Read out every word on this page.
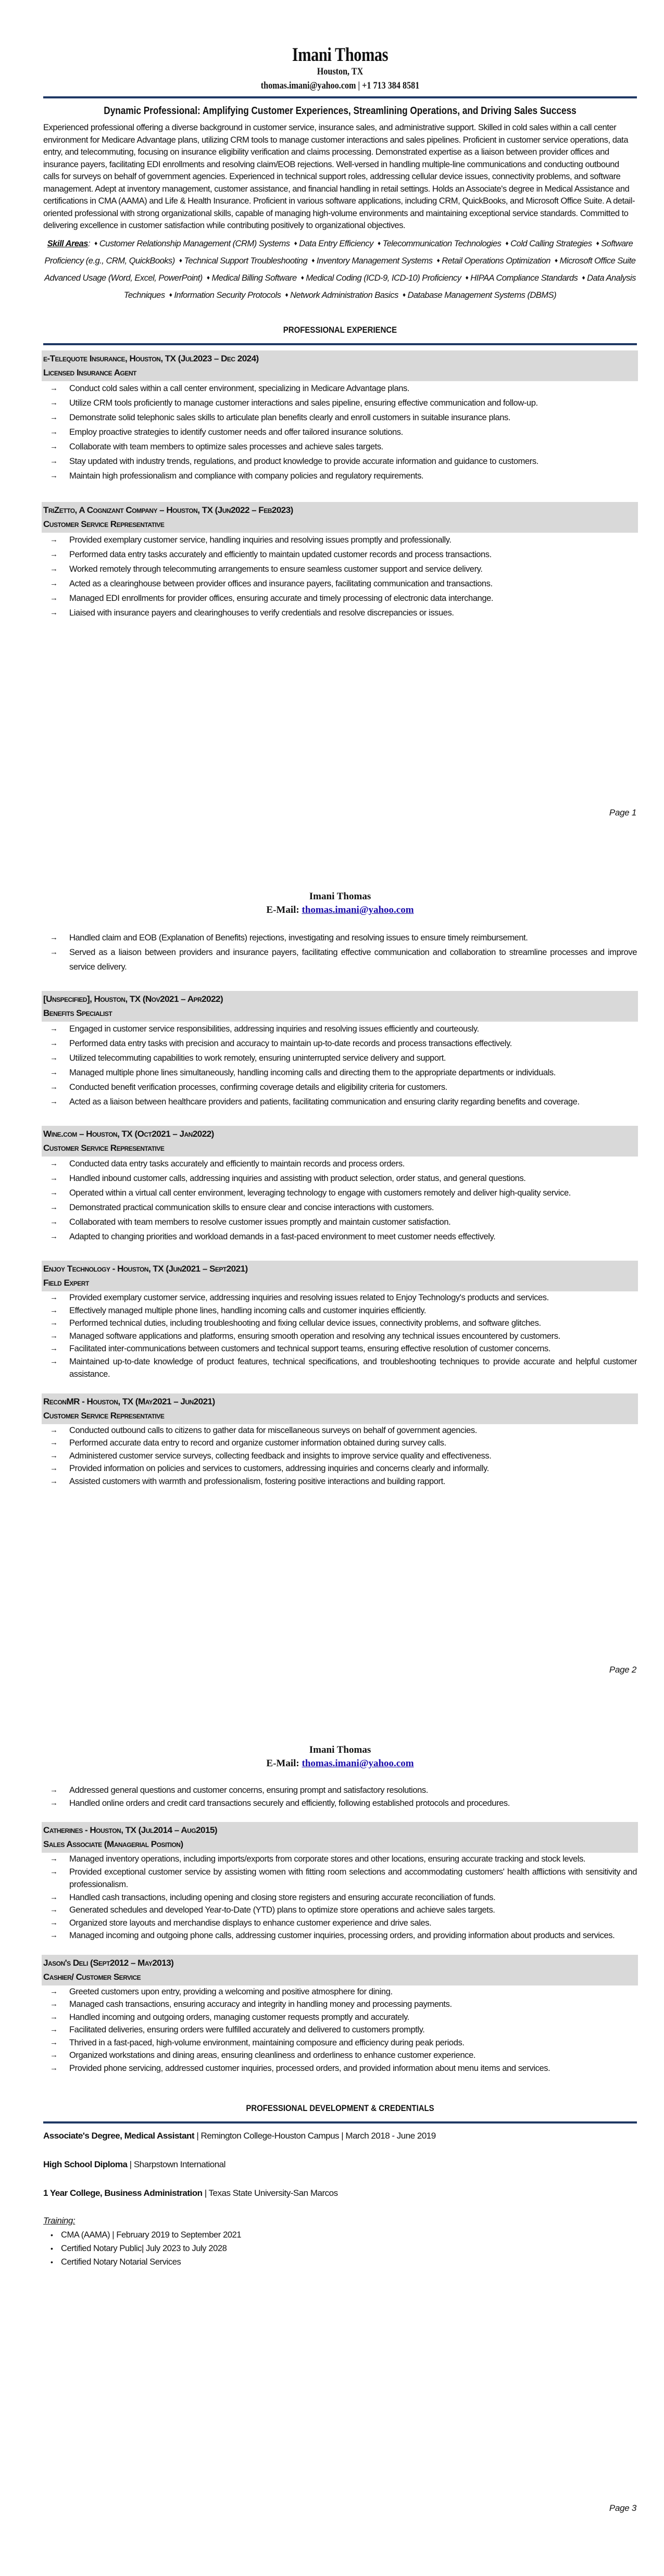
Imani Thomas
Houston, TX
thomas.imani@yahoo.com | +1 713 384 8581
Dynamic Professional: Amplifying Customer Experiences, Streamlining Operations, and Driving Sales Success
Experienced professional offering a diverse background in customer service, insurance sales, and administrative support. Skilled in cold sales within a call center environment for Medicare Advantage plans, utilizing CRM tools to manage customer interactions and sales pipelines. Proficient in customer service operations, data entry, and telecommuting, focusing on insurance eligibility verification and claims processing. Demonstrated expertise as a liaison between provider offices and insurance payers, facilitating EDI enrollments and resolving claim/EOB rejections. Well-versed in handling multiple-line communications and conducting outbound calls for surveys on behalf of government agencies. Experienced in technical support roles, addressing cellular device issues, connectivity problems, and software management. Adept at inventory management, customer assistance, and financial handling in retail settings. Holds an Associate's degree in Medical Assistance and certifications in CMA (AAMA) and Life & Health Insurance. Proficient in various software applications, including CRM, QuickBooks, and Microsoft Office Suite. A detail-oriented professional with strong organizational skills, capable of managing high-volume environments and maintaining exceptional service standards. Committed to delivering excellence in customer satisfaction while contributing positively to organizational objectives.
Skill Areas: ♦ Customer Relationship Management (CRM) Systems ♦ Data Entry Efficiency ♦ Telecommunication Technologies ♦ Cold Calling Strategies ♦ Software Proficiency (e.g., CRM, QuickBooks) ♦ Technical Support Troubleshooting ♦ Inventory Management Systems ♦ Retail Operations Optimization ♦ Microsoft Office Suite Advanced Usage (Word, Excel, PowerPoint) ♦ Medical Billing Software ♦ Medical Coding (ICD-9, ICD-10) Proficiency ♦ HIPAA Compliance Standards ♦ Data Analysis Techniques ♦ Information Security Protocols ♦ Network Administration Basics ♦ Database Management Systems (DBMS)
PROFESSIONAL EXPERIENCE
e-Telequote Insurance, Houston, TX (Jul2023 – Dec 2024)
Licensed Insurance Agent
→ Conduct cold sales within a call center environment, specializing in Medicare Advantage plans.
→ Utilize CRM tools proficiently to manage customer interactions and sales pipeline, ensuring effective communication and follow-up.
→ Demonstrate solid telephonic sales skills to articulate plan benefits clearly and enroll customers in suitable insurance plans.
→ Employ proactive strategies to identify customer needs and offer tailored insurance solutions.
→ Collaborate with team members to optimize sales processes and achieve sales targets.
→ Stay updated with industry trends, regulations, and product knowledge to provide accurate information and guidance to customers.
→ Maintain high professionalism and compliance with company policies and regulatory requirements.
TriZetto, A Cognizant Company – Houston, TX (Jun2022 – Feb2023)
Customer Service Representative
→ Provided exemplary customer service, handling inquiries and resolving issues promptly and professionally.
→ Performed data entry tasks accurately and efficiently to maintain updated customer records and process transactions.
→ Worked remotely through telecommuting arrangements to ensure seamless customer support and service delivery.
→ Acted as a clearinghouse between provider offices and insurance payers, facilitating communication and transactions.
→ Managed EDI enrollments for provider offices, ensuring accurate and timely processing of electronic data interchange.
→ Liaised with insurance payers and clearinghouses to verify credentials and resolve discrepancies or issues.
Page 1
Imani Thomas
E-Mail: thomas.imani@yahoo.com
→ Handled claim and EOB (Explanation of Benefits) rejections, investigating and resolving issues to ensure timely reimbursement.
→ Served as a liaison between providers and insurance payers, facilitating effective communication and collaboration to streamline processes and improve service delivery.
[Unspecified], Houston, TX (Nov2021 – Apr2022)
Benefits Specialist
→ Engaged in customer service responsibilities, addressing inquiries and resolving issues efficiently and courteously.
→ Performed data entry tasks with precision and accuracy to maintain up-to-date records and process transactions effectively.
→ Utilized telecommuting capabilities to work remotely, ensuring uninterrupted service delivery and support.
→ Managed multiple phone lines simultaneously, handling incoming calls and directing them to the appropriate departments or individuals.
→ Conducted benefit verification processes, confirming coverage details and eligibility criteria for customers.
→ Acted as a liaison between healthcare providers and patients, facilitating communication and ensuring clarity regarding benefits and coverage.
Wine.com – Houston, TX (Oct2021 – Jan2022)
Customer Service Representative
→ Conducted data entry tasks accurately and efficiently to maintain records and process orders.
→ Handled inbound customer calls, addressing inquiries and assisting with product selection, order status, and general questions.
→ Operated within a virtual call center environment, leveraging technology to engage with customers remotely and deliver high-quality service.
→ Demonstrated practical communication skills to ensure clear and concise interactions with customers.
→ Collaborated with team members to resolve customer issues promptly and maintain customer satisfaction.
→ Adapted to changing priorities and workload demands in a fast-paced environment to meet customer needs effectively.
Enjoy Technology - Houston, TX (Jun2021 – Sept2021)
Field Expert
→ Provided exemplary customer service, addressing inquiries and resolving issues related to Enjoy Technology's products and services.
→ Effectively managed multiple phone lines, handling incoming calls and customer inquiries efficiently.
→ Performed technical duties, including troubleshooting and fixing cellular device issues, connectivity problems, and software glitches.
→ Managed software applications and platforms, ensuring smooth operation and resolving any technical issues encountered by customers.
→ Facilitated inter-communications between customers and technical support teams, ensuring effective resolution of customer concerns.
→ Maintained up-to-date knowledge of product features, technical specifications, and troubleshooting techniques to provide accurate and helpful customer assistance.
ReconMR - Houston, TX (May2021 – Jun2021)
Customer Service Representative
→ Conducted outbound calls to citizens to gather data for miscellaneous surveys on behalf of government agencies.
→ Performed accurate data entry to record and organize customer information obtained during survey calls.
→ Administered customer service surveys, collecting feedback and insights to improve service quality and effectiveness.
→ Provided information on policies and services to customers, addressing inquiries and concerns clearly and informally.
→ Assisted customers with warmth and professionalism, fostering positive interactions and building rapport.
Page 2
Imani Thomas
E-Mail: thomas.imani@yahoo.com
→ Addressed general questions and customer concerns, ensuring prompt and satisfactory resolutions.
→ Handled online orders and credit card transactions securely and efficiently, following established protocols and procedures.
Catherines - Houston, TX (Jul2014 – Aug2015)
Sales Associate (Managerial Position)
→ Managed inventory operations, including imports/exports from corporate stores and other locations, ensuring accurate tracking and stock levels.
→ Provided exceptional customer service by assisting women with fitting room selections and accommodating customers' health afflictions with sensitivity and professionalism.
→ Handled cash transactions, including opening and closing store registers and ensuring accurate reconciliation of funds.
→ Generated schedules and developed Year-to-Date (YTD) plans to optimize store operations and achieve sales targets.
→ Organized store layouts and merchandise displays to enhance customer experience and drive sales.
→ Managed incoming and outgoing phone calls, addressing customer inquiries, processing orders, and providing information about products and services.
Jason's Deli (Sept2012 – May2013)
Cashier/ Customer Service
→ Greeted customers upon entry, providing a welcoming and positive atmosphere for dining.
→ Managed cash transactions, ensuring accuracy and integrity in handling money and processing payments.
→ Handled incoming and outgoing orders, managing customer requests promptly and accurately.
→ Facilitated deliveries, ensuring orders were fulfilled accurately and delivered to customers promptly.
→ Thrived in a fast-paced, high-volume environment, maintaining composure and efficiency during peak periods.
→ Organized workstations and dining areas, ensuring cleanliness and orderliness to enhance customer experience.
→ Provided phone servicing, addressed customer inquiries, processed orders, and provided information about menu items and services.
PROFESSIONAL DEVELOPMENT & CREDENTIALS
Associate's Degree, Medical Assistant | Remington College-Houston Campus | March 2018 - June 2019
High School Diploma | Sharpstown International
1 Year College, Business Administration | Texas State University-San Marcos
Training:
• CMA (AAMA) | February 2019 to September 2021
• Certified Notary Public| July 2023 to July 2028
• Certified Notary Notarial Services
Page 3
